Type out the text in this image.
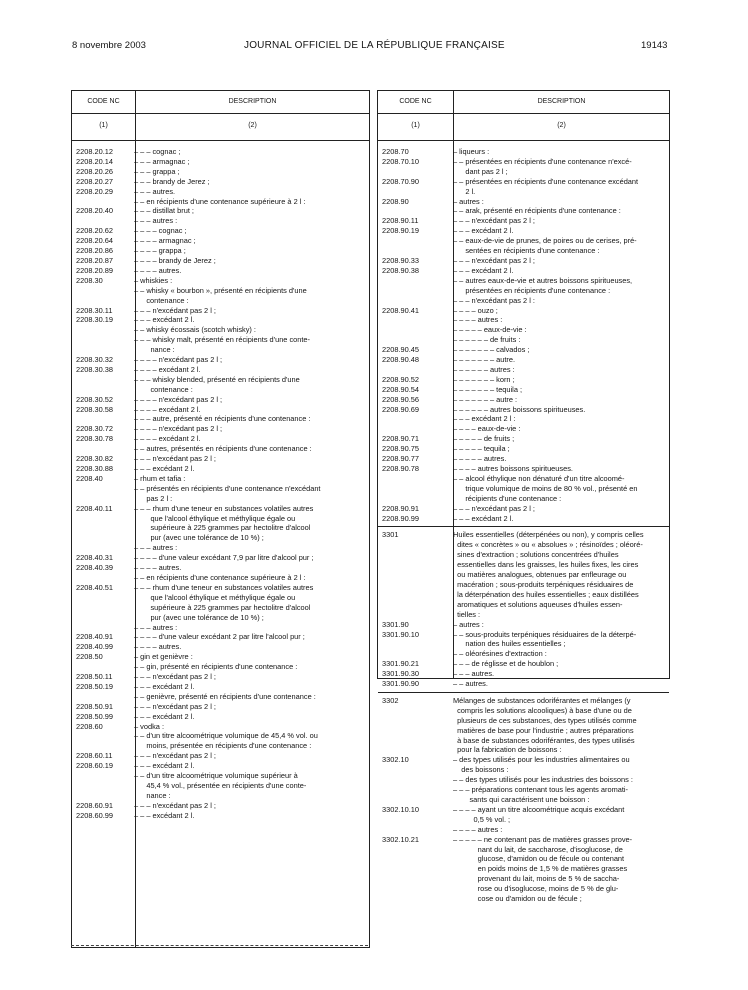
8 novembre 2003	JOURNAL OFFICIEL DE LA RÉPUBLIQUE FRANÇAISE	19143
CODE NC	DESCRIPTION
(1)	(2)
2208.20.12	– – – cognac ;
2208.20.14	– – – armagnac ;
2208.20.26	– – – grappa ;
2208.20.27	– – – brandy de Jerez ;
2208.20.29	– – – autres.
– – en récipients d'une contenance supérieure à 2 l :
2208.20.40	– – – distillat brut ;
– – – autres :
2208.20.62	– – – – cognac ;
2208.20.64	– – – – armagnac ;
2208.20.86	– – – – grappa ;
2208.20.87	– – – – brandy de Jerez ;
2208.20.89	– – – – autres.
2208.30	– whiskies :
– – whisky « bourbon », présenté en récipients d'une
contenance :
2208.30.11	– – – n'excédant pas 2 l ;
2208.30.19	– – – excédant 2 l.
– – whisky écossais (scotch whisky) :
– – – whisky malt, présenté en récipients d'une conte-
nance :
2208.30.32	– – – – n'excédant pas 2 l ;
2208.30.38	– – – – excédant 2 l.
– – – whisky blended, présenté en récipients d'une
contenance :
2208.30.52	– – – – n'excédant pas 2 l ;
2208.30.58	– – – – excédant 2 l.
– – – autre, présenté en récipients d'une contenance :
2208.30.72	– – – – n'excédant pas 2 l ;
2208.30.78	– – – – excédant 2 l.
– – autres, présentés en récipients d'une contenance :
2208.30.82	– – – n'excédant pas 2 l ;
2208.30.88	– – – excédant 2 l.
2208.40	– rhum et tafia :
– – présentés en récipients d'une contenance n'excédant
pas 2 l :
2208.40.11	– – – rhum d'une teneur en substances volatiles autres
que l'alcool éthylique et méthylique égale ou
supérieure à 225 grammes par hectolitre d'alcool
pur (avec une tolérance de 10 %) ;
– – – autres :
2208.40.31	– – – – d'une valeur excédant 7,9 par litre d'alcool pur ;
2208.40.39	– – – – autres.
– – en récipients d'une contenance supérieure à 2 l :
2208.40.51	– – – rhum d'une teneur en substances volatiles autres
que l'alcool éthylique et méthylique égale ou
supérieure à 225 grammes par hectolitre d'alcool
pur (avec une tolérance de 10 %) ;
– – – autres :
2208.40.91	– – – – d'une valeur excédant 2 par litre l'alcool pur ;
2208.40.99	– – – – autres.
2208.50	– gin et genièvre :
– – gin, présenté en récipients d'une contenance :
2208.50.11	– – – n'excédant pas 2 l ;
2208.50.19	– – – excédant 2 l.
– – genièvre, présenté en récipients d'une contenance :
2208.50.91	– – – n'excédant pas 2 l ;
2208.50.99	– – – excédant 2 l.
2208.60	– vodka :
– – d'un titre alcoométrique volumique de 45,4 % vol. ou
moins, présentée en récipients d'une contenance :
2208.60.11	– – – n'excédant pas 2 l ;
2208.60.19	– – – excédant 2 l.
– – d'un titre alcoométrique volumique supérieur à
45,4 % vol., présentée en récipients d'une conte-
nance :
2208.60.91	– – – n'excédant pas 2 l ;
2208.60.99	– – – excédant 2 l.
CODE NC	DESCRIPTION
(1)	(2)
2208.70	– liqueurs :
2208.70.10	– – présentées en récipients d'une contenance n'excé-
dant pas 2 l ;
2208.70.90	– – présentées en récipients d'une contenance excédant
2 l.
2208.90	– autres :
– – arak, présenté en récipients d'une contenance :
2208.90.11	– – – n'excédant pas 2 l ;
2208.90.19	– – – excédant 2 l.
– – eaux-de-vie de prunes, de poires ou de cerises, pré-
sentées en récipients d'une contenance :
2208.90.33	– – – n'excédant pas 2 l ;
2208.90.38	– – – excédant 2 l.
– – autres eaux-de-vie et autres boissons spiritueuses,
présentées en récipients d'une contenance :
– – – n'excédant pas 2 l :
2208.90.41	– – – – ouzo ;
– – – – autres :
– – – – – eaux-de-vie :
– – – – – – de fruits :
2208.90.45	– – – – – – – calvados ;
2208.90.48	– – – – – – – autre.
– – – – – – autres :
2208.90.52	– – – – – – – korn ;
2208.90.54	– – – – – – – tequila ;
2208.90.56	– – – – – – – autre :
2208.90.69	– – – – – – autres boissons spiritueuses.
– – – excédant 2 l :
– – – – eaux-de-vie :
2208.90.71	– – – – – de fruits ;
2208.90.75	– – – – – tequila ;
2208.90.77	– – – – – autres.
2208.90.78	– – – – autres boissons spiritueuses.
– – alcool éthylique non dénaturé d'un titre alcoomé-
trique volumique de moins de 80 % vol., présenté en
récipients d'une contenance :
2208.90.91	– – – n'excédant pas 2 l ;
2208.90.99	– – – excédant 2 l.
3301	Huiles essentielles (déterpénées ou non), y compris celles
dites « concrètes » ou « absolues » ; résinoïdes ; oléoré-
sines d'extraction ; solutions concentrées d'huiles
essentielles dans les graisses, les huiles fixes, les cires
ou matières analogues, obtenues par enfleurage ou
macération ; sous-produits terpéniques résiduaires de
la déterpénation des huiles essentielles ; eaux distillées
aromatiques et solutions aqueuses d'huiles essen-
tielles :
3301.90	– autres :
3301.90.10	– – sous-produits terpéniques résiduaires de la déterpé-
nation des huiles essentielles ;
– – oléorésines d'extraction :
3301.90.21	– – – de réglisse et de houblon ;
3301.90.30	– – – autres.
3301.90.90	– – autres.
3302	Mélanges de substances odoriférantes et mélanges (y
compris les solutions alcooliques) à base d'une ou de
plusieurs de ces substances, des types utilisés comme
matières de base pour l'industrie ; autres préparations
à base de substances odoriférantes, des types utilisés
pour la fabrication de boissons :
3302.10	– des types utilisés pour les industries alimentaires ou
des boissons :
– – des types utilisés pour les industries des boissons :
– – – préparations contenant tous les agents aromati-
sants qui caractérisent une boisson :
3302.10.10	– – – – ayant un titre alcoométrique acquis excédant
0,5 % vol. ;
– – – – autres :
3302.10.21	– – – – – ne contenant pas de matières grasses prove-
nant du lait, de saccharose, d'isoglucose, de
glucose, d'amidon ou de fécule ou contenant
en poids moins de 1,5 % de matières grasses
provenant du lait, moins de 5 % de saccha-
rose ou d'isoglucose, moins de 5 % de glu-
cose ou d'amidon ou de fécule ;
